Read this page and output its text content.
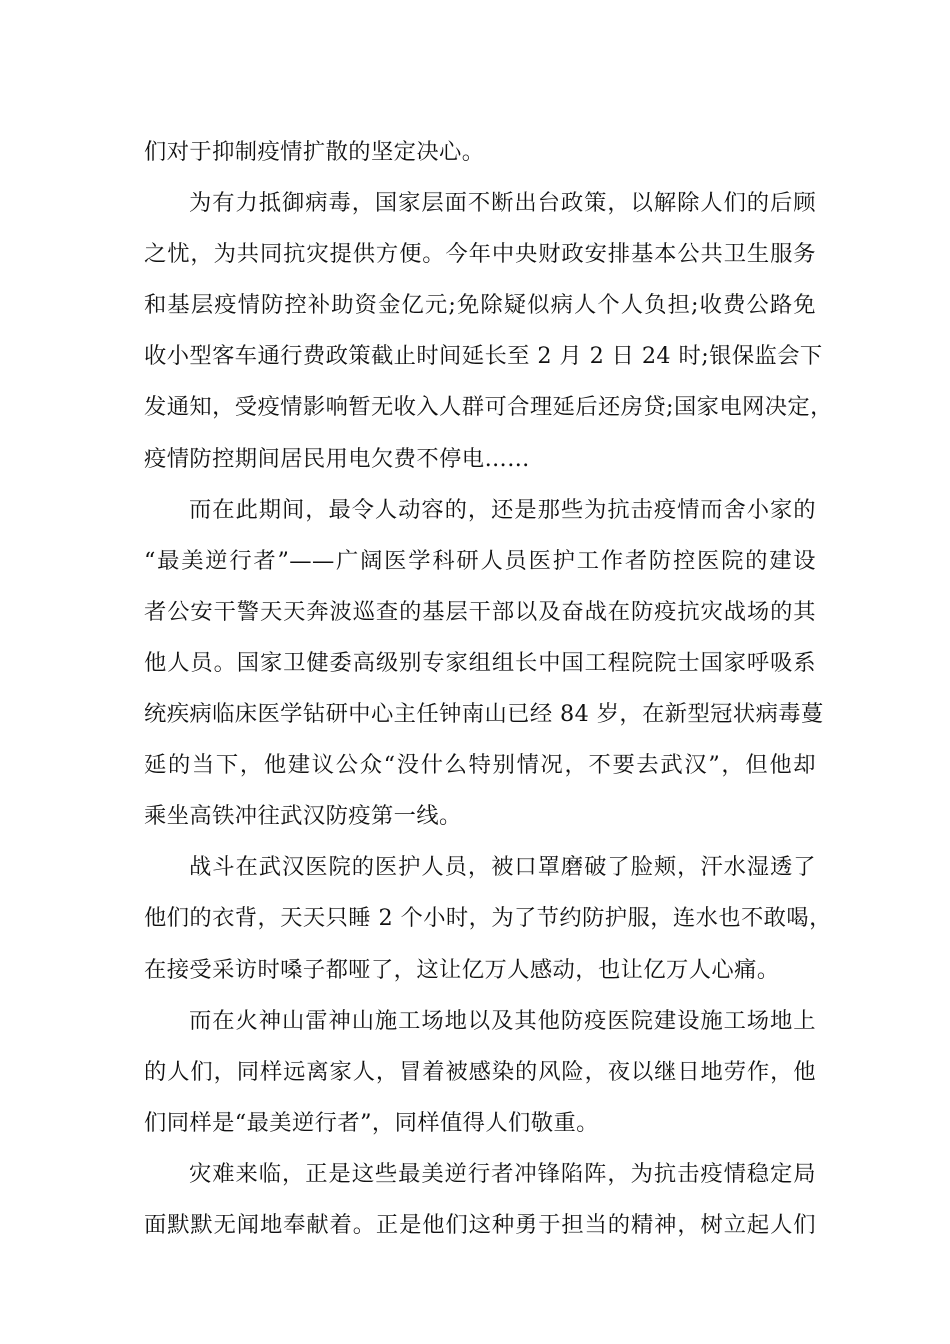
们对于抑制疫情扩散的坚定决心。
为有力抵御病毒，国家层面不断出台政策，以解除人们的后顾
之忧，为共同抗灾提供方便。今年中央财政安排基本公共卫生服务
和基层疫情防控补助资金亿元;免除疑似病人个人负担;收费公路免
收小型客车通行费政策截止时间延长至 2 月 2 日 24 时;银保监会下
发通知，受疫情影响暂无收入人群可合理延后还房贷;国家电网决定，
疫情防控期间居民用电欠费不停电……
而在此期间，最令人动容的，还是那些为抗击疫情而舍小家的
“最美逆行者”——广阔医学科研人员医护工作者防控医院的建设
者公安干警天天奔波巡查的基层干部以及奋战在防疫抗灾战场的其
他人员。国家卫健委高级别专家组组长中国工程院院士国家呼吸系
统疾病临床医学钻研中心主任钟南山已经 84 岁，在新型冠状病毒蔓
延的当下，他建议公众“没什么特别情况，不要去武汉”，但他却
乘坐高铁冲往武汉防疫第一线。
战斗在武汉医院的医护人员，被口罩磨破了脸颊，汗水湿透了
他们的衣背，天天只睡 2 个小时，为了节约防护服，连水也不敢喝，
在接受采访时嗓子都哑了，这让亿万人感动，也让亿万人心痛。
而在火神山雷神山施工场地以及其他防疫医院建设施工场地上
的人们，同样远离家人，冒着被感染的风险，夜以继日地劳作，他
们同样是“最美逆行者”，同样值得人们敬重。
灾难来临，正是这些最美逆行者冲锋陷阵，为抗击疫情稳定局
面默默无闻地奉献着。正是他们这种勇于担当的精神，树立起人们
